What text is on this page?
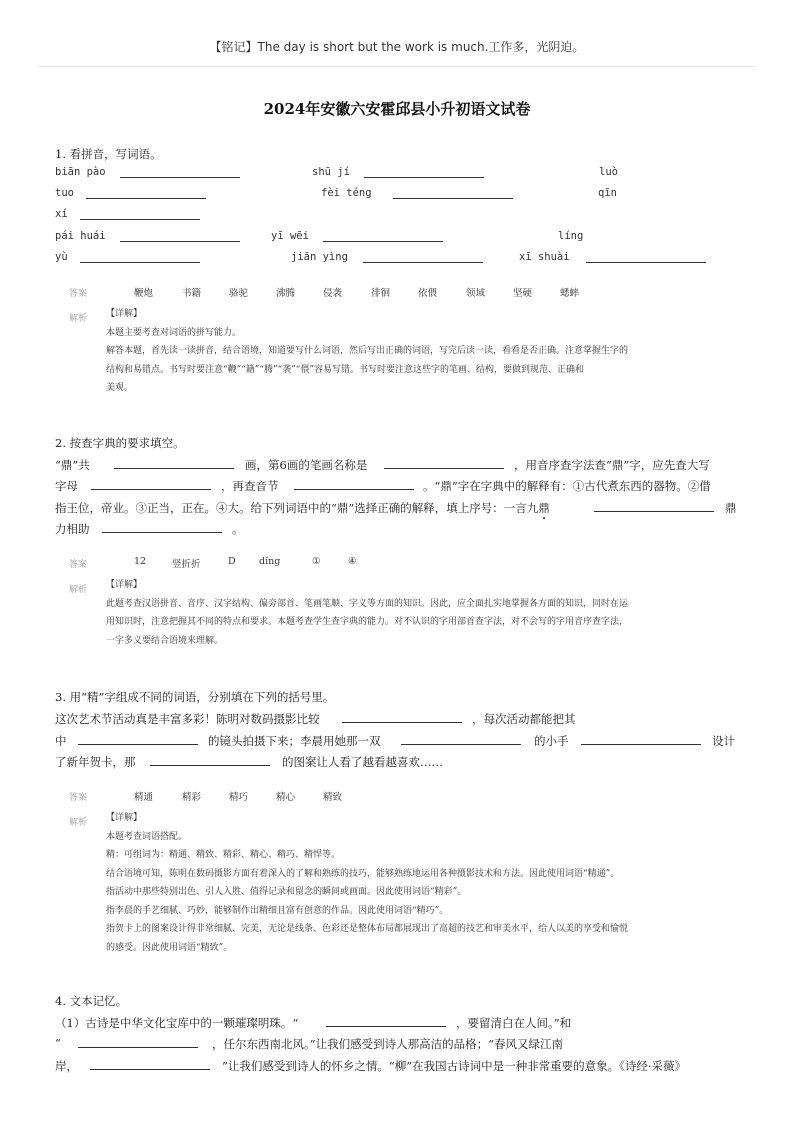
【铭记】The day is short but the work is much.工作多，光阴迫。
2024年安徽六安霍邱县小升初语文试卷
1. 看拼音，写词语。
biān pào	shū jí	luò
tuo	fèi téng	qīn
xí
pái huái	yī wēi	líng
yù	jiān yìng	xī shuài
答案	鞭炮	书籍	骆驼	沸腾	侵袭	徘徊	依偎	领域	坚硬	蟋蟀
解析 【详解】

本题主要考查对词语的拼写能力。

解答本题，首先读一读拼音，结合语境，知道要写什么词语，然后写出正确的词语，写完后读一读，看看是否正确。注意掌握生字的

结构和易错点。书写时要注意“鞭”“籍”“腾”“袭”“偎”容易写错。书写时要注意这些字的笔画、结构，要做到规范、正确和

美观。

2. 按查字典的要求填空。
“鼎”共	画，第6画的笔画名称是	，用音序查字法查“鼎”字，应先查大写
字母	，再查音节	。“鼎”字在字典中的解释有：①古代煮东西的器物。②借
指王位，帝业。③正当，正在。④大。给下列词语中的“鼎”选择正确的解释，填上序号：一言九鼎	鼎
力相助	。
答案	12	竖折折	D dǐng	①	④
解析 【详解】

此题考查汉语拼音、音序、汉字结构、偏旁部首、笔画笔顺、字义等方面的知识。因此，应全面扎实地掌握各方面的知识，同时在运

用知识时，注意把握其不同的特点和要求。本题考查学生查字典的能力。对不认识的字用部首查字法，对不会写的字用音序查字法，

一字多义要结合语境来理解。

3. 用“精”字组成不同的词语，分别填在下列的括号里。
这次艺术节活动真是丰富多彩！陈明对数码摄影比较	，每次活动都能把其
中	的镜头拍摄下来；李晨用她那一双	的小手	设计
了新年贺卡，那	的图案让人看了越看越喜欢……
答案	精通	精彩	精巧	精心	精致
解析 【详解】

本题考查词语搭配。

精：可组词为：精通、精致、精彩、精心、精巧、精悍等。

结合语境可知，陈明在数码摄影方面有着深入的了解和熟练的技巧，能够熟练地运用各种摄影技术和方法。因此使用词语“精通”。

指活动中那些特别出色、引人入胜、值得记录和留念的瞬间或画面。因此使用词语“精彩”。

指李晨的手艺细腻、巧妙，能够制作出精细且富有创意的作品。因此使用词语“精巧”。

指贺卡上的图案设计得非常细腻、完美，无论是线条、色彩还是整体布局都展现出了高超的技艺和审美水平，给人以美的享受和愉悦

的感受。因此使用词语“精致”。

4. 文本记忆。
（1）古诗是中华文化宝库中的一颗璀璨明珠。“	，要留清白在人间。”和
“	，任尔东西南北风。”让我们感受到诗人那高洁的品格；“春风又绿江南
岸，	”让我们感受到诗人的怀乡之情。“柳”在我国古诗词中是一种非常重要的意象。《诗经·采薇》
